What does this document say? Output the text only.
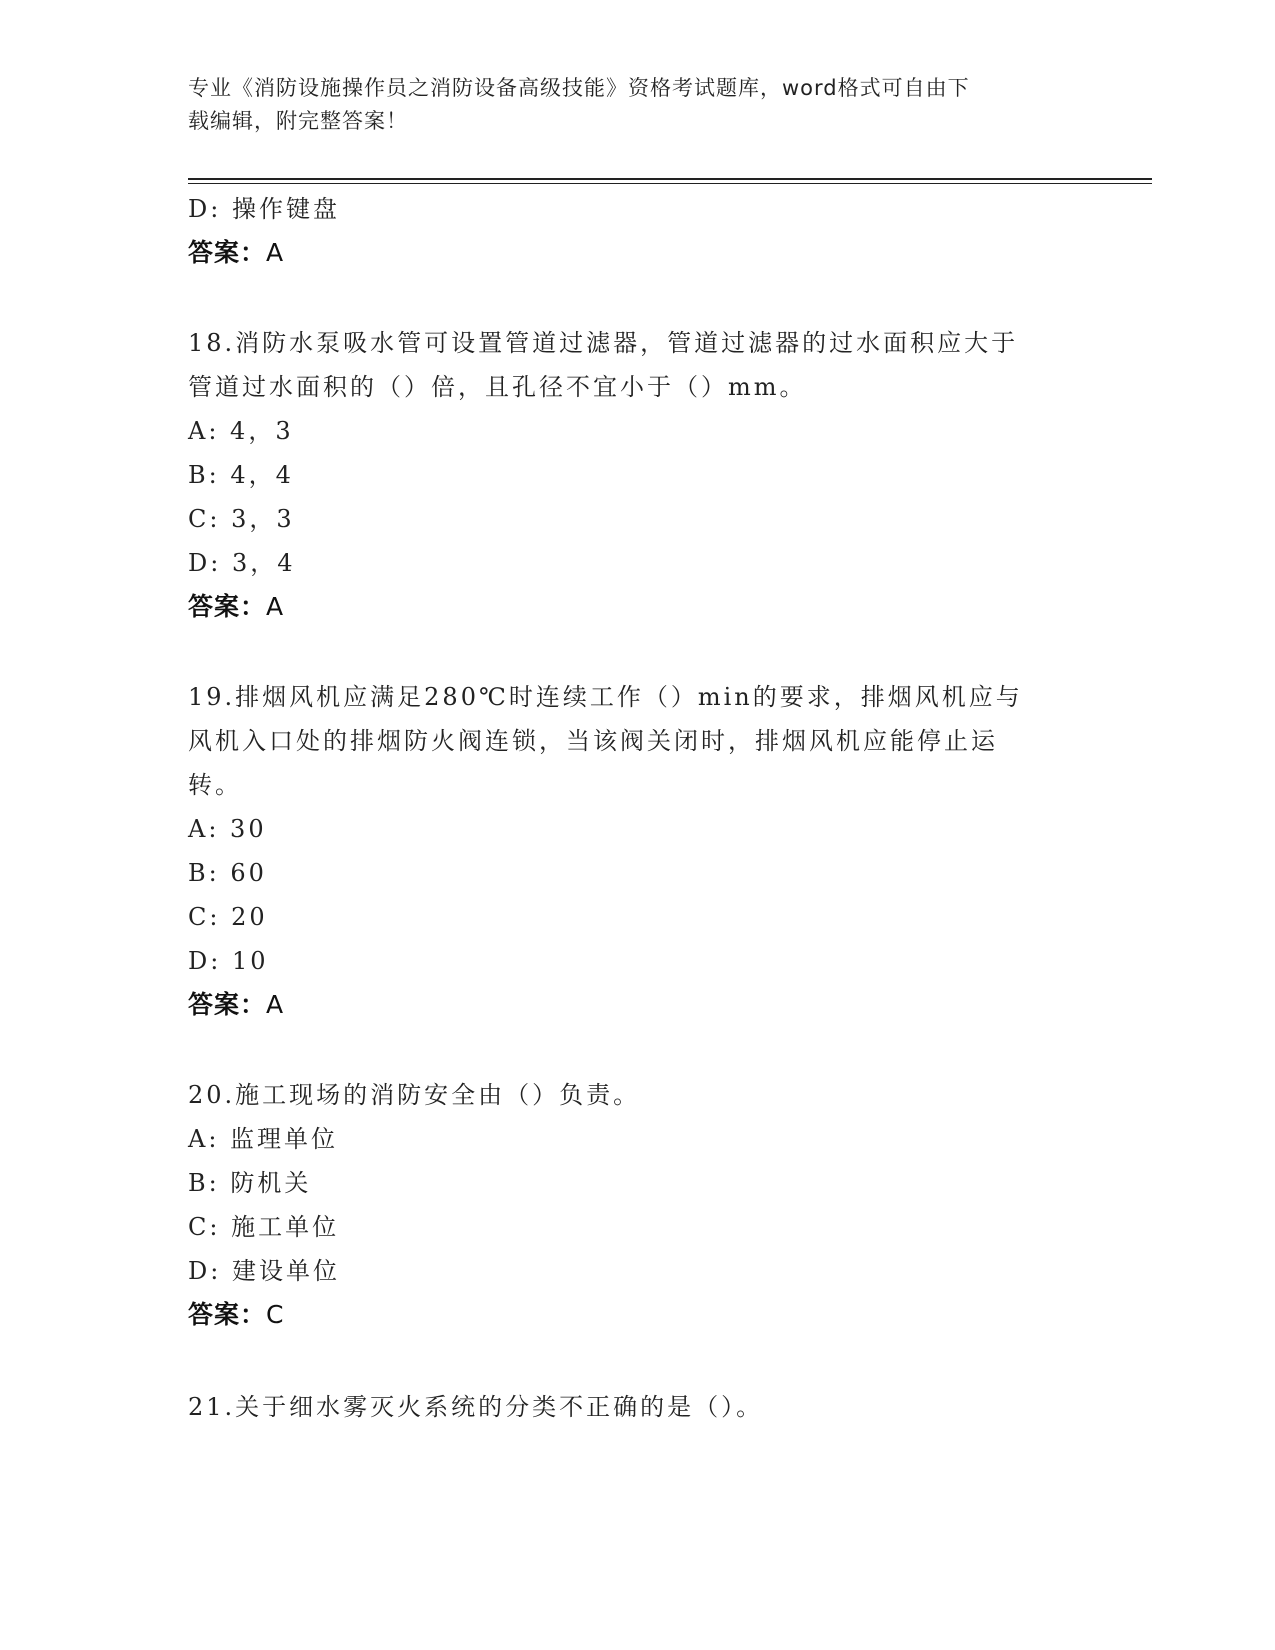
专业《消防设施操作员之消防设备高级技能》资格考试题库，word格式可自由下
载编辑，附完整答案！
D: 操作键盘
答案：A
18.消防水泵吸水管可设置管道过滤器，管道过滤器的过水面积应大于
管道过水面积的（）倍，且孔径不宜小于（）mm。
A: 4，3
B: 4，4
C: 3，3
D: 3，4
答案：A
19.排烟风机应满足280℃时连续工作（）min的要求，排烟风机应与
风机入口处的排烟防火阀连锁，当该阀关闭时，排烟风机应能停止运
转。
A: 30
B: 60
C: 20
D: 10
答案：A
20.施工现场的消防安全由（）负责。
A: 监理单位
B: 防机关
C: 施工单位
D: 建设单位
答案：C
21.关于细水雾灭火系统的分类不正确的是（）。
